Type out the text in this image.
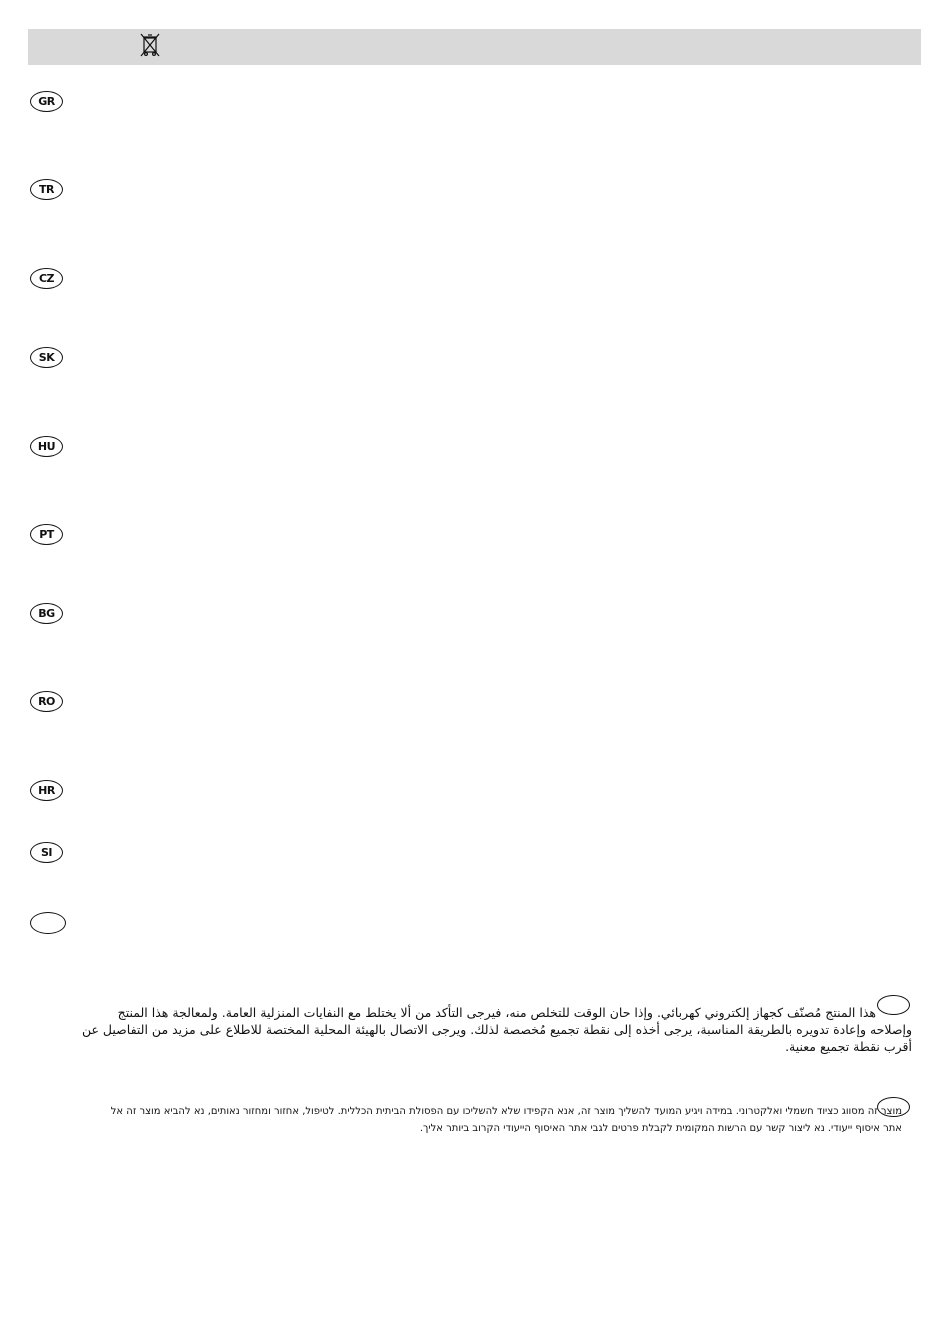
GR
TR
CZ
SK
HU
PT
BG
RO
HR
SI
هذا المنتج مُصنّف كجهاز إلكتروني كهربائي. وإذا حان الوقت للتخلص منه، فيرجى التأكد من ألا يختلط مع النفايات المنزلية العامة. ولمعالجة هذا المنتج
وإصلاحه وإعادة تدويره بالطريقة المناسبة، يرجى أخذه إلى نقطة تجميع مُخصصة لذلك. ويرجى الاتصال بالهيئة المحلية المختصة للاطلاع على مزيد من التفاصيل عن
أقرب نقطة تجميع معنية.
מוצר זה מסווג כציוד חשמלי ואלקטרוני. במידה ויגיע המועד להשליך מוצר זה, אנא הקפידו שלא להשליכו עם הפסולת הביתית הכללית. לטיפול, אחזור ומחזור נאותים, נא להביא מוצר זה אל
אתר איסוף ייעודי. נא ליצור קשר עם הרשות המקומית לקבלת פרטים לגבי אתר האיסוף הייעודי הקרוב ביותר אליך.
